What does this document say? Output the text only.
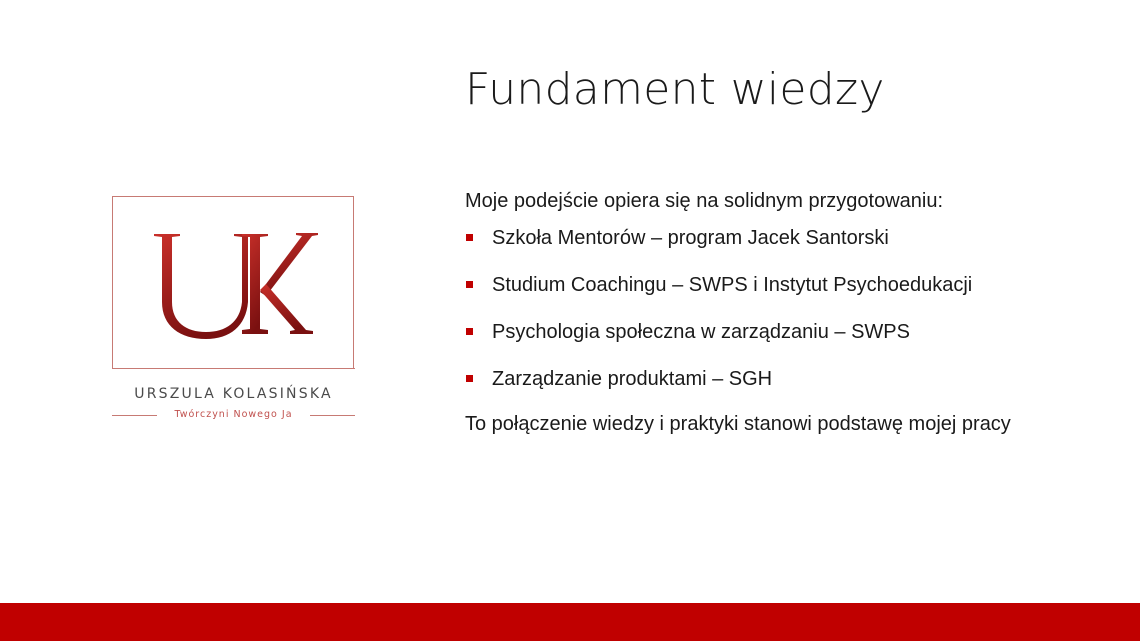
URSZULA KOLASIŃSKA
Twórczyni Nowego Ja
Fundament wiedzy

Moje podejście opiera się na solidnym przygotowaniu:

Szkoła Mentorów – program Jacek Santorski
Studium Coachingu – SWPS i Instytut Psychoedukacji
Psychologia społeczna w zarządzaniu – SWPS
Zarządzanie produktami – SGH

To połączenie wiedzy i praktyki stanowi podstawę mojej pracy
